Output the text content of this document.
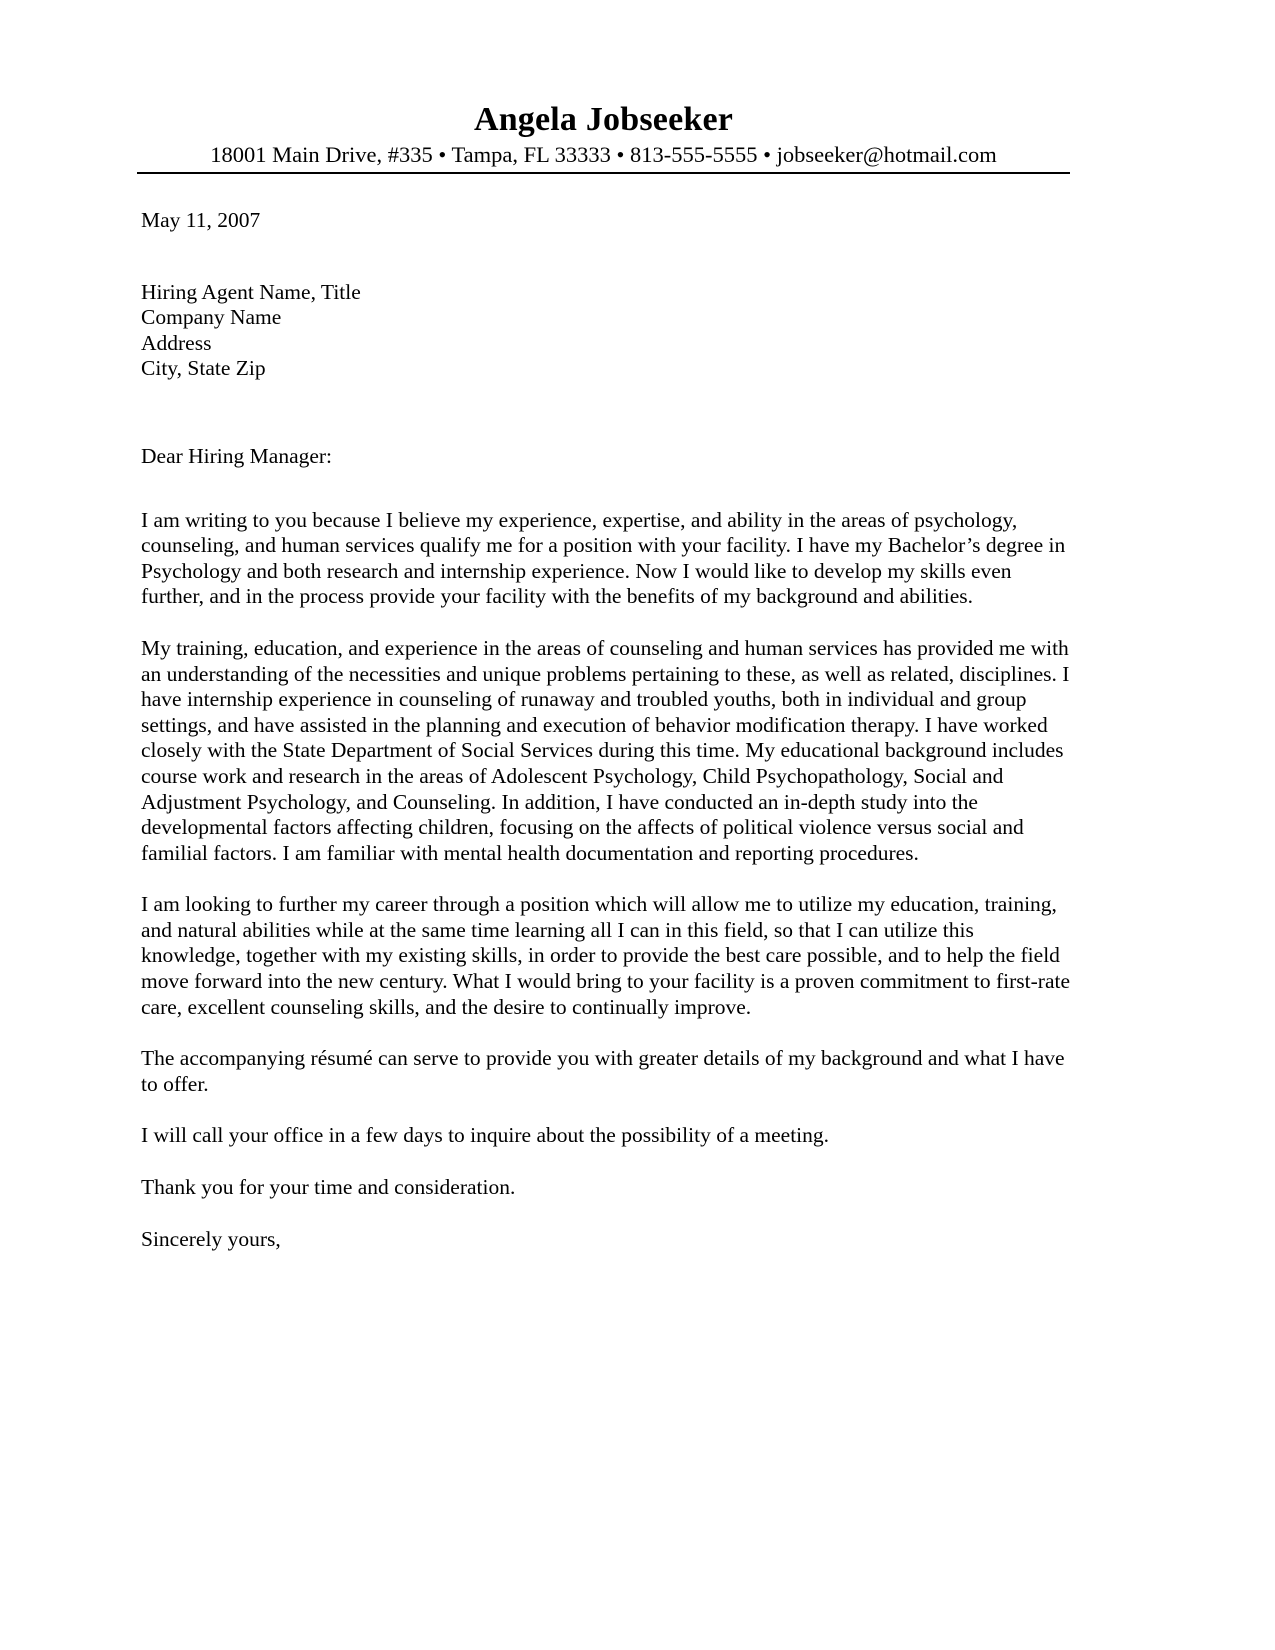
Angela Jobseeker
18001 Main Drive, #335 • Tampa, FL 33333 • 813-555-5555 • jobseeker@hotmail.com
May 11, 2007
Hiring Agent Name, Title
Company Name
Address
City, State Zip
Dear Hiring Manager:

I am writing to you because I believe my experience, expertise, and ability in the areas of psychology, counseling, and human services qualify me for a position with your facility. I have my Bachelor’s degree in Psychology and both research and internship experience. Now I would like to develop my skills even further, and in the process provide your facility with the benefits of my background and abilities.

My training, education, and experience in the areas of counseling and human services has provided me with an understanding of the necessities and unique problems pertaining to these, as well as related, disciplines. I have internship experience in counseling of runaway and troubled youths, both in individual and group settings, and have assisted in the planning and execution of behavior modification therapy. I have worked closely with the State Department of Social Services during this time. My educational background includes course work and research in the areas of Adolescent Psychology, Child Psychopathology, Social and Adjustment Psychology, and Counseling. In addition, I have conducted an in-depth study into the developmental factors affecting children, focusing on the affects of political violence versus social and familial factors. I am familiar with mental health documentation and reporting procedures.

I am looking to further my career through a position which will allow me to utilize my education, training, and natural abilities while at the same time learning all I can in this field, so that I can utilize this knowledge, together with my existing skills, in order to provide the best care possible, and to help the field move forward into the new century. What I would bring to your facility is a proven commitment to first-rate care, excellent counseling skills, and the desire to continually improve.

The accompanying résumé can serve to provide you with greater details of my background and what I have to offer.

I will call your office in a few days to inquire about the possibility of a meeting.

Thank you for your time and consideration.

Sincerely yours,
